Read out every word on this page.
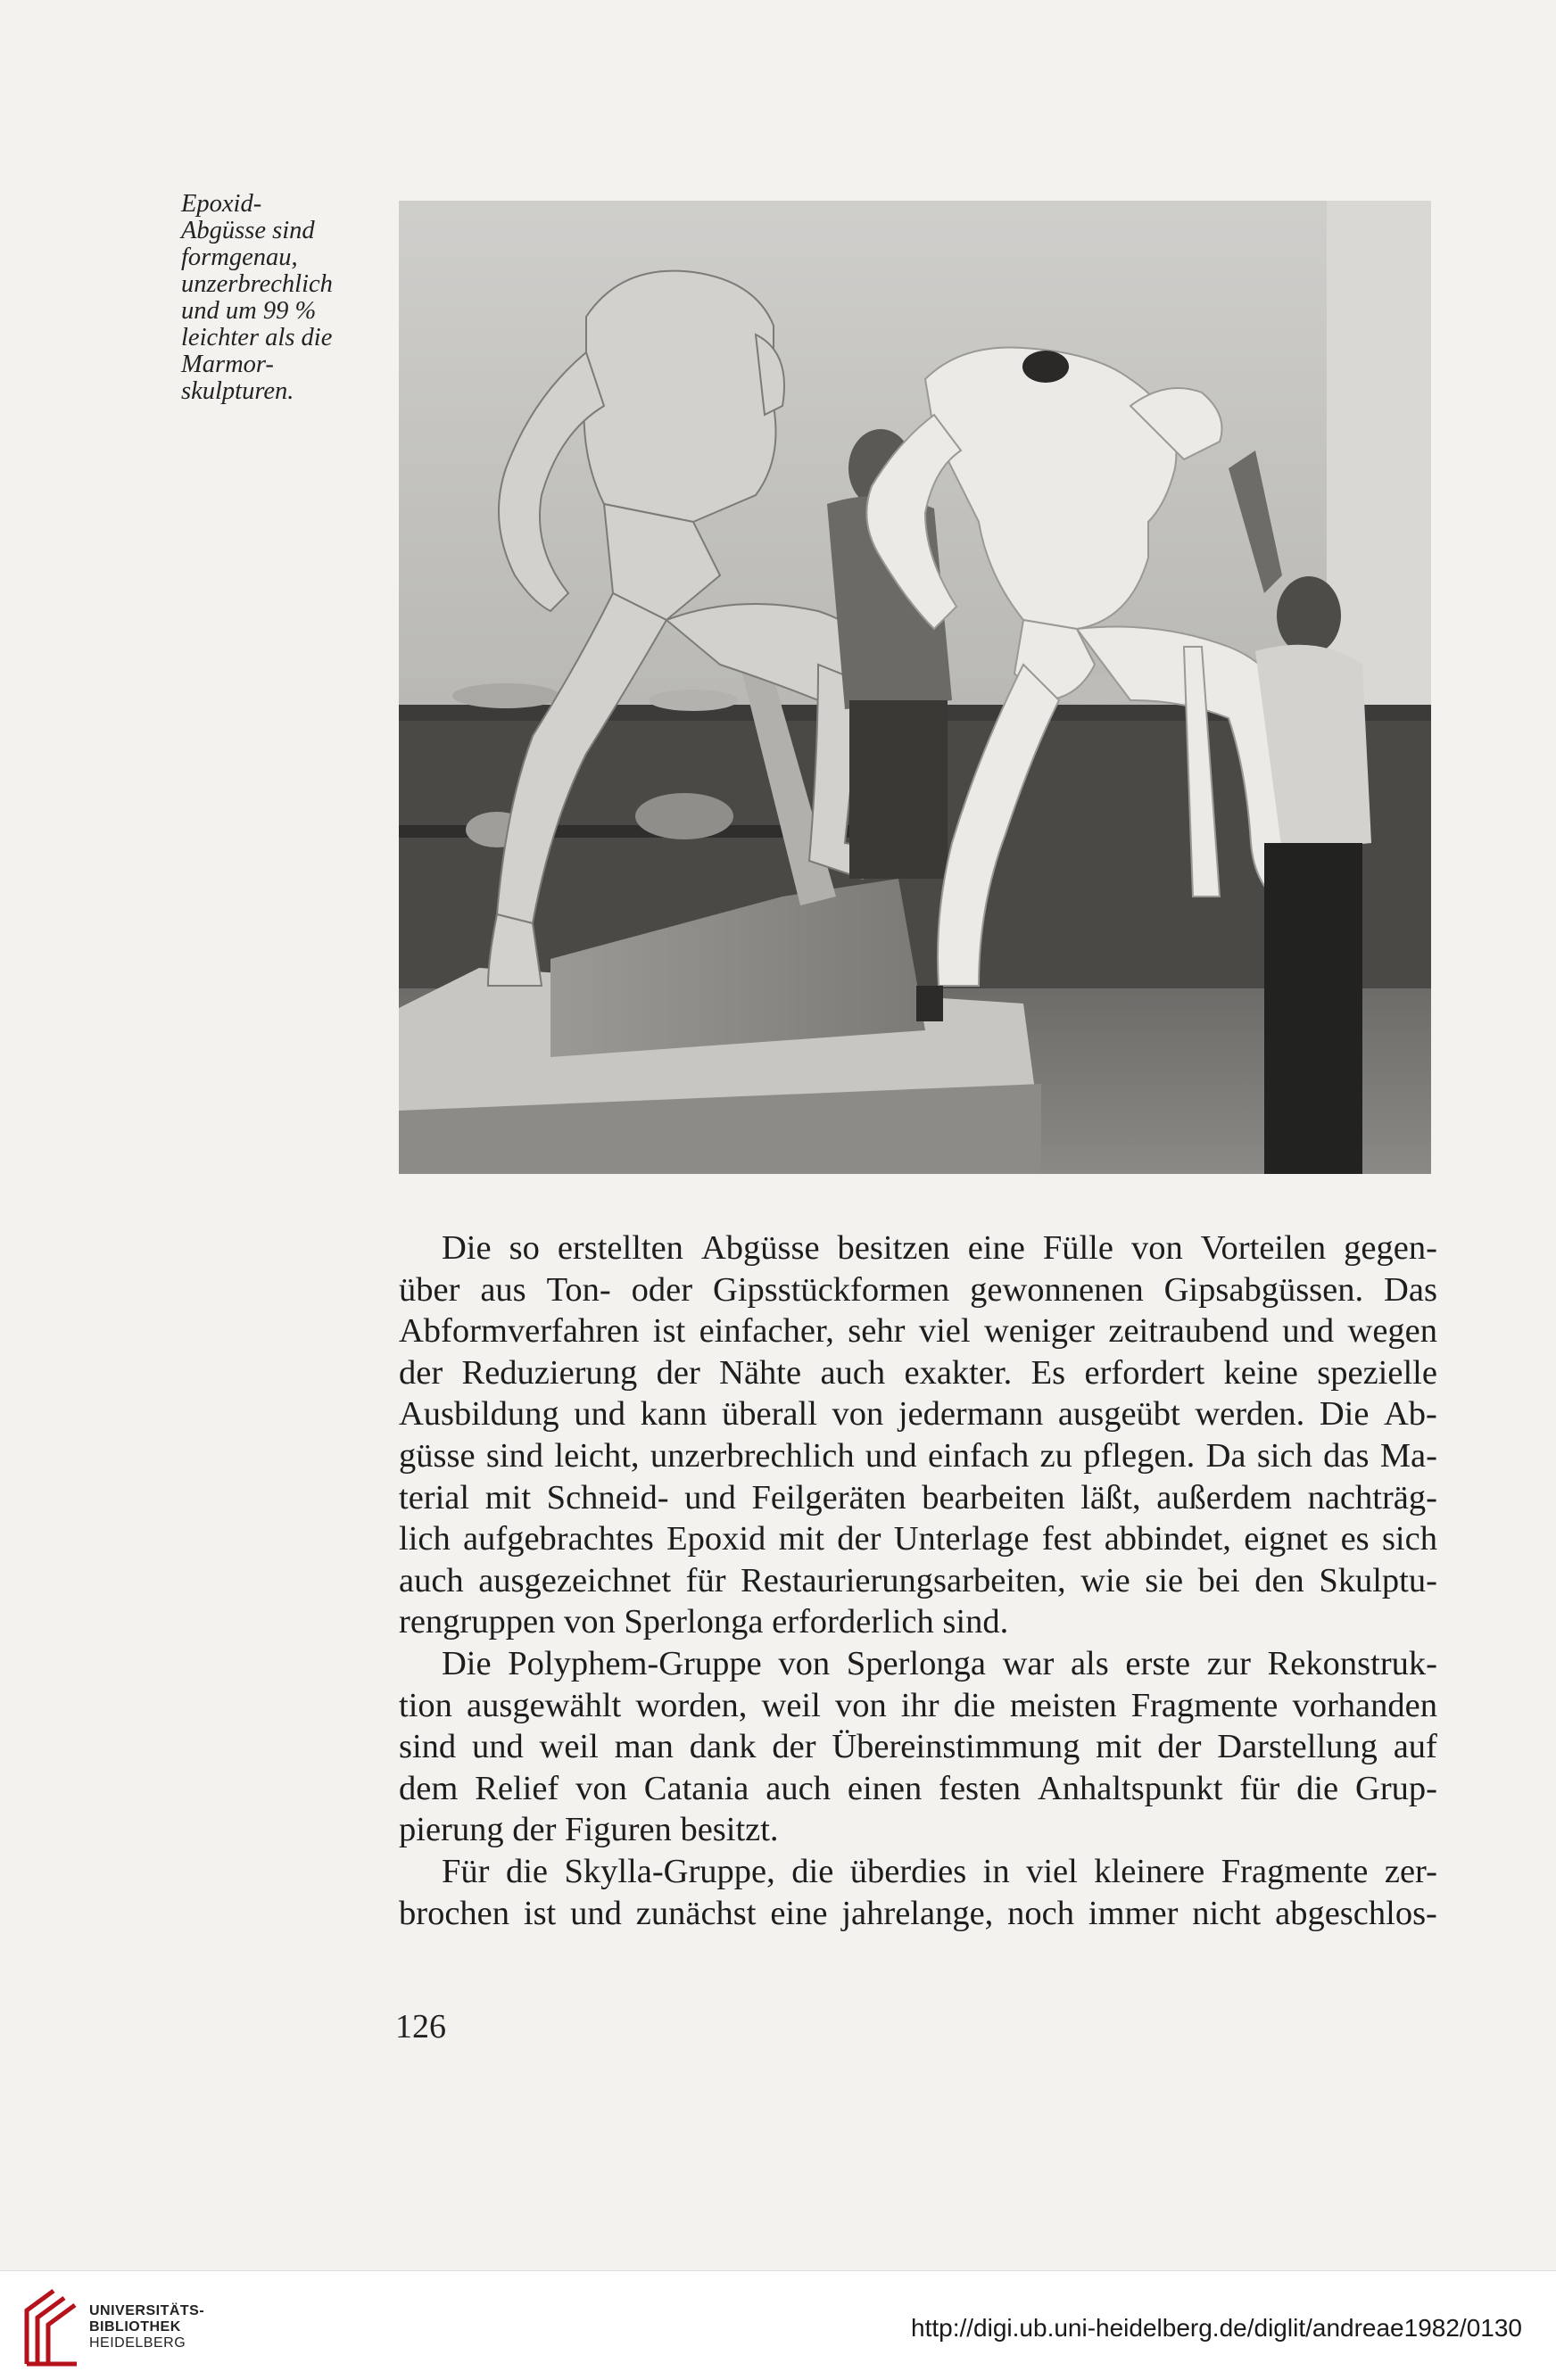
Epoxid-
Abgüsse sind
formgenau,
unzerbrechlich
und um 99 %
leichter als die
Marmor-
skulpturen.
Die so erstellten Abgüsse besitzen eine Fülle von Vorteilen gegen-
über aus Ton- oder Gipsstückformen gewonnenen Gipsabgüssen. Das
Abformverfahren ist einfacher, sehr viel weniger zeitraubend und wegen
der Reduzierung der Nähte auch exakter. Es erfordert keine spezielle
Ausbildung und kann überall von jedermann ausgeübt werden. Die Ab-
güsse sind leicht, unzerbrechlich und einfach zu pflegen. Da sich das Ma-
terial mit Schneid- und Feilgeräten bearbeiten läßt, außerdem nachträg-
lich aufgebrachtes Epoxid mit der Unterlage fest abbindet, eignet es sich
auch ausgezeichnet für Restaurierungsarbeiten, wie sie bei den Skulptu-
rengruppen von Sperlonga erforderlich sind.
Die Polyphem-Gruppe von Sperlonga war als erste zur Rekonstruk-
tion ausgewählt worden, weil von ihr die meisten Fragmente vorhanden
sind und weil man dank der Übereinstimmung mit der Darstellung auf
dem Relief von Catania auch einen festen Anhaltspunkt für die Grup-
pierung der Figuren besitzt.
Für die Skylla-Gruppe, die überdies in viel kleinere Fragmente zer-
brochen ist und zunächst eine jahrelange, noch immer nicht abgeschlos-
126
UNIVERSITÄTS-
BIBLIOTHEK
HEIDELBERG
http://digi.ub.uni-heidelberg.de/diglit/andreae1982/0130
